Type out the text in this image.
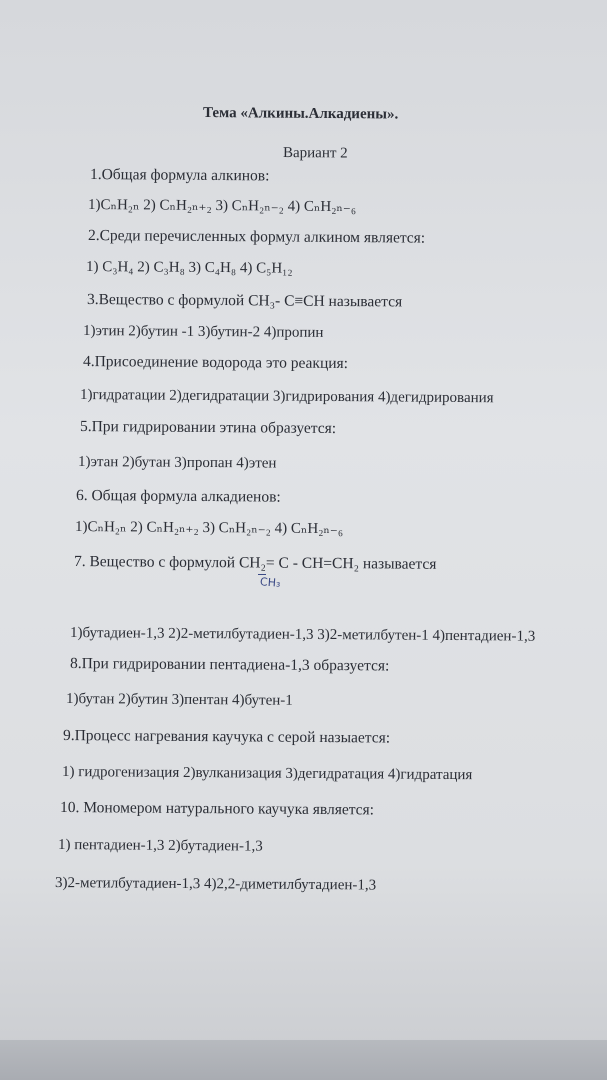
Тема «Алкины.Алкадиены».
Вариант 2
1.Общая формула алкинов:
1)CₙH₂ₙ 2) CₙH₂ₙ₊₂ 3) CₙH₂ₙ₋₂ 4) CₙH₂ₙ₋₆
2.Среди перечисленных формул алкином является:
1) C₃H₄ 2) C₃H₈ 3) C₄H₈ 4) C₅H₁₂
3.Вещество с формулой CH₃- C≡CH называется
1)этин 2)бутин -1 3)бутин-2 4)пропин
4.Присоединение водорода это реакция:
1)гидратации 2)дегидратации 3)гидрирования 4)дегидрирования
5.При гидрировании этина образуется:
1)этан 2)бутан 3)пропан 4)этен
6. Общая формула алкадиенов:
1)CₙH₂ₙ 2) CₙH₂ₙ₊₂ 3) CₙH₂ₙ₋₂ 4) CₙH₂ₙ₋₆
7. Вещество с формулой CH₂= C - CH=CH₂ называется
CH₃
1)бутадиен-1,3 2)2-метилбутадиен-1,3 3)2-метилбутен-1 4)пентадиен-1,3
8.При гидрировании пентадиена-1,3 образуется:
1)бутан 2)бутин 3)пентан 4)бутен-1
9.Процесс нагревания каучука с серой назыается:
1) гидрогенизация 2)вулканизация 3)дегидратация 4)гидратация
10. Мономером натурального каучука является:
1) пентадиен-1,3 2)бутадиен-1,3
3)2-метилбутадиен-1,3 4)2,2-диметилбутадиен-1,3
